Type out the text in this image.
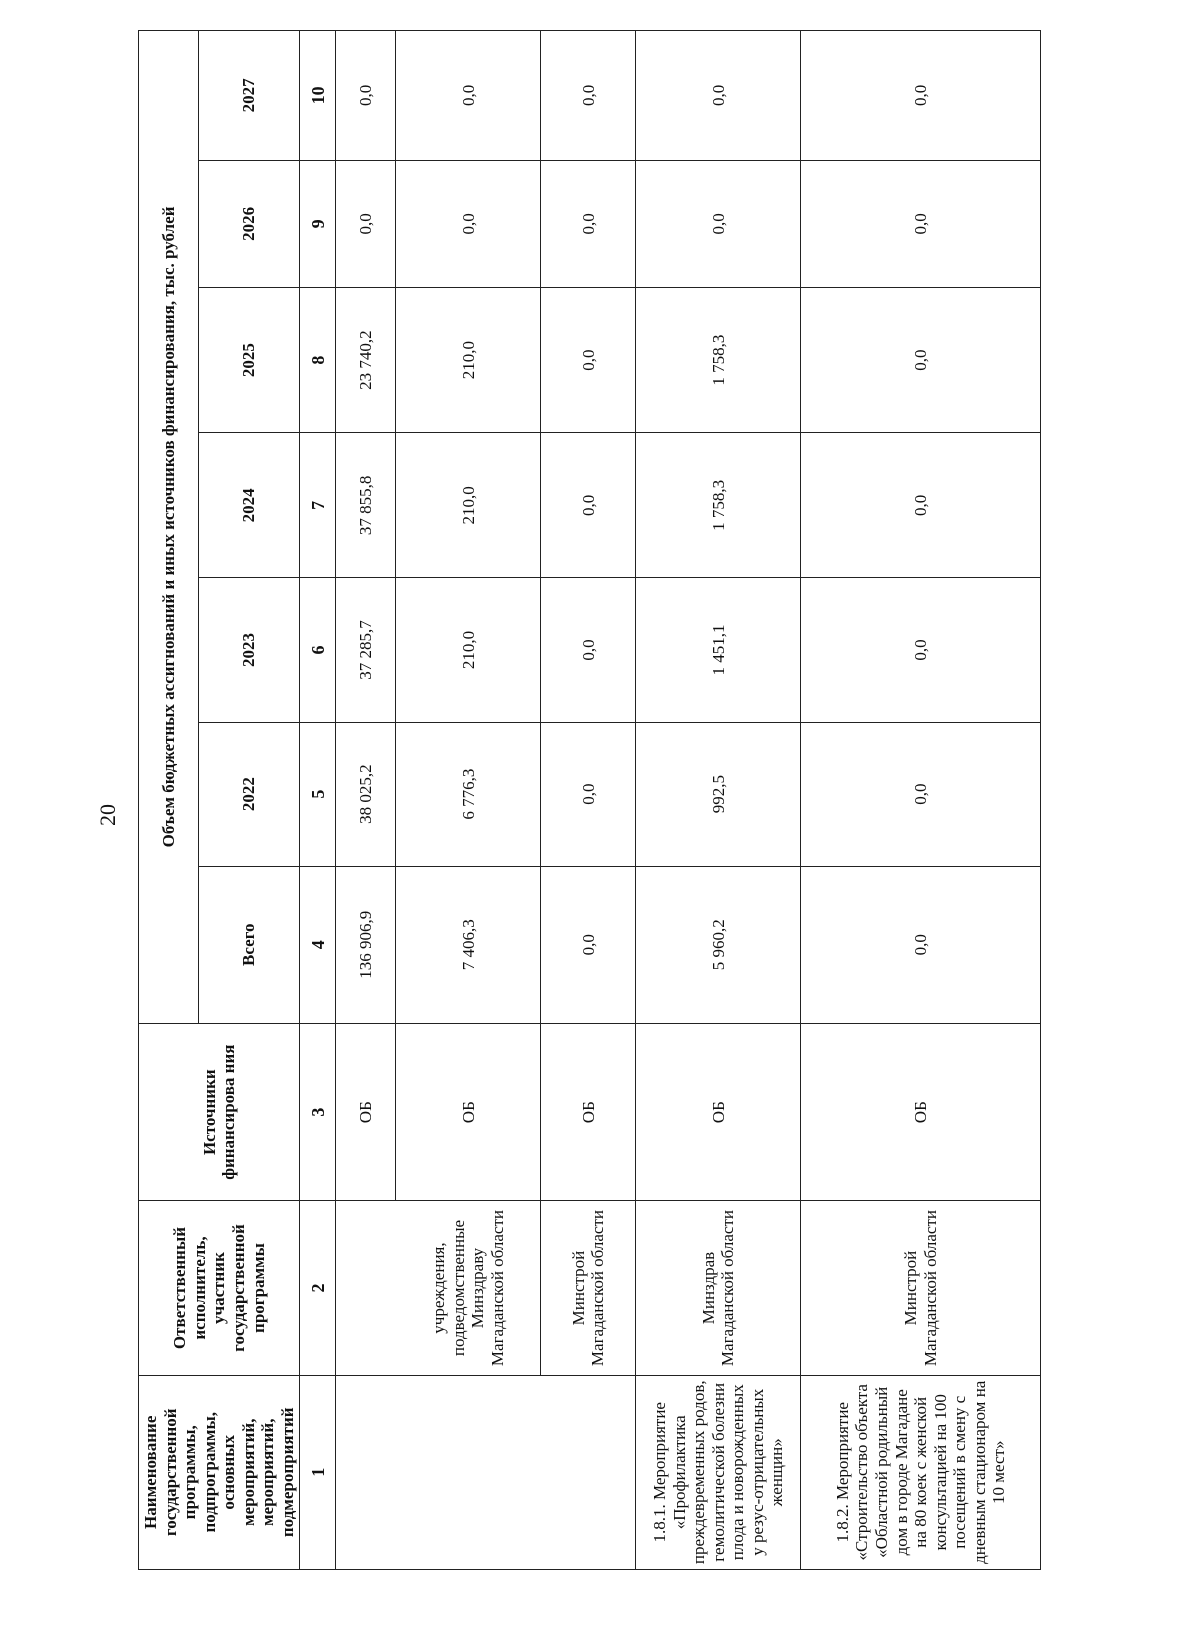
20
Наименование государственной программы, подпрограммы, основных мероприятий, мероприятий, подмероприятий	Ответственный исполнитель, участник государственной программы	Источники финансирова ния	Объем бюджетных ассигнований и иных источников финансирования, тыс. рублей						
			Всего	2022	2023	2024	2025	2026	2027
1	2	3	4	5	6	7	8	9	10
		ОБ	136 906,9	38 025,2	37 285,7	37 855,8	23 740,2	0,0	0,0
	учреждения, подведомственные Минздраву Магаданской области	ОБ	7 406,3	6 776,3	210,0	210,0	210,0	0,0	0,0
	Минстрой Магаданской области	ОБ	0,0	0,0	0,0	0,0	0,0	0,0	0,0
1.8.1. Мероприятие «Профилактика преждевременных родов, гемолитической болезни плода и новорожденных у резус-отрицательных женщин»	Минздрав Магаданской области	ОБ	5 960,2	992,5	1 451,1	1 758,3	1 758,3	0,0	0,0
1.8.2. Мероприятие «Строительство объекта «Областной родильный дом в городе Магадане на 80 коек с женской консультацией на 100 посещений в смену с дневным стационаром на 10 мест»	Минстрой Магаданской области	ОБ	0,0	0,0	0,0	0,0	0,0	0,0	0,0
